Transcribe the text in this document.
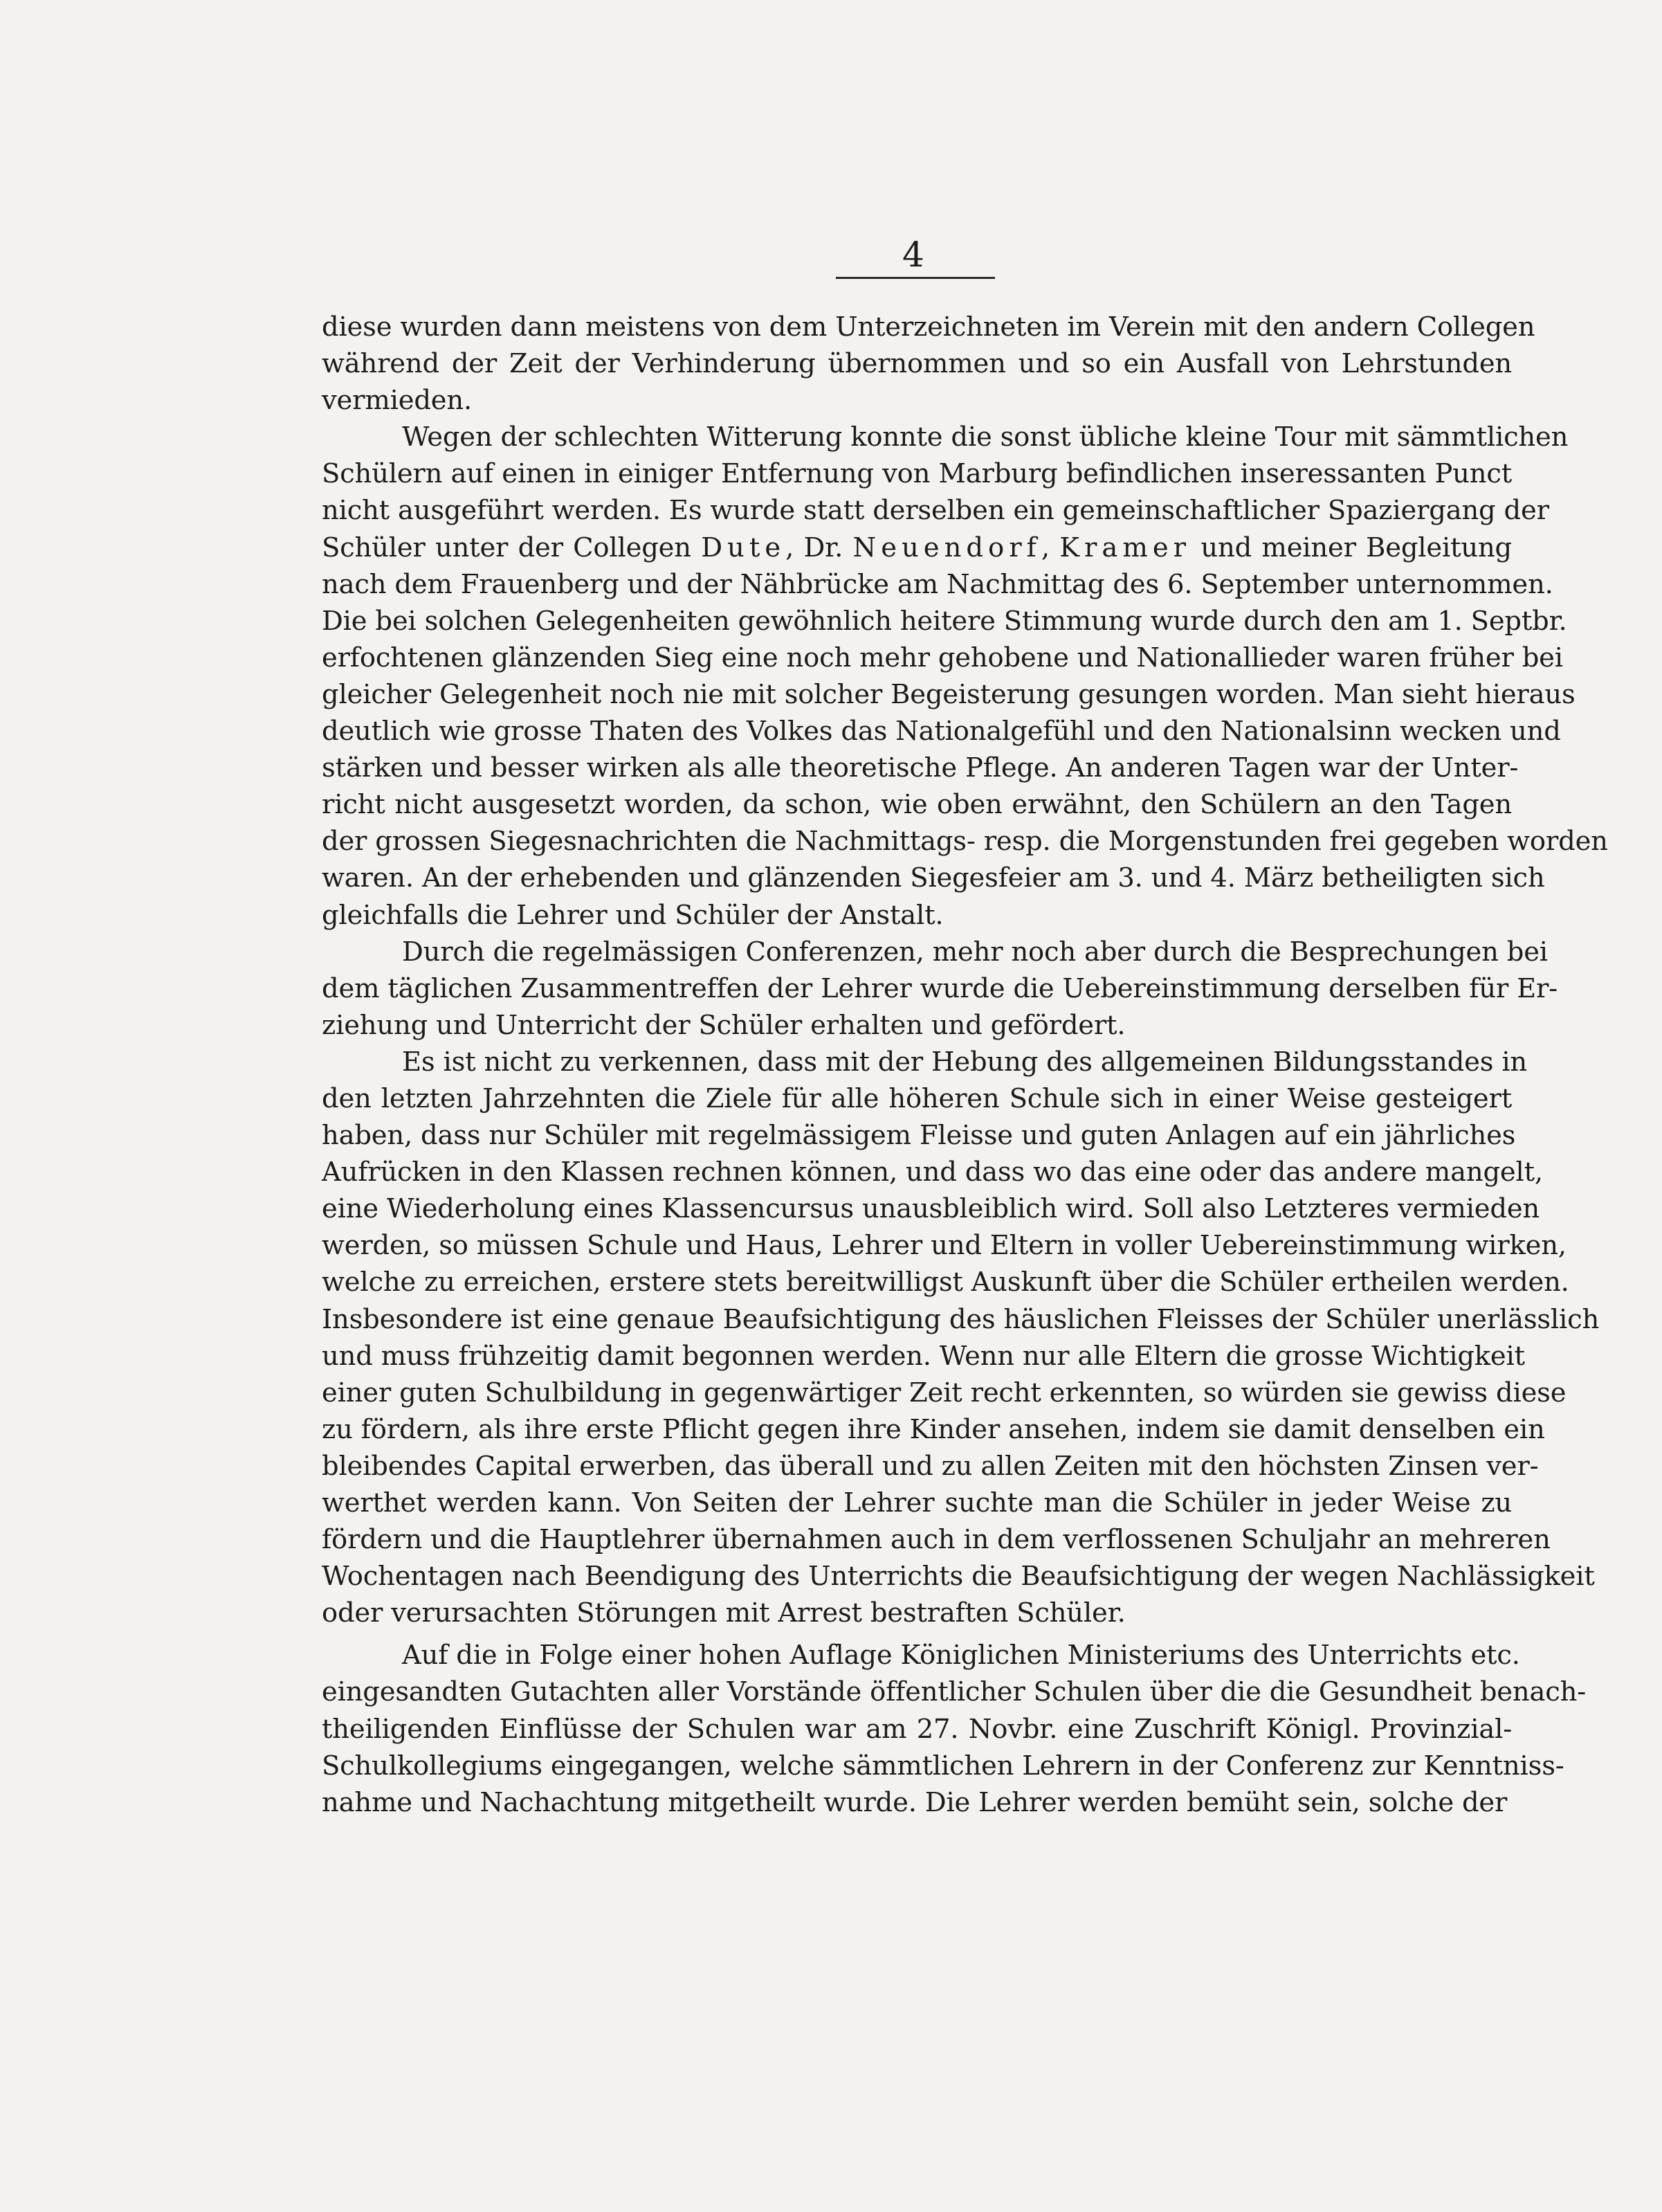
4
diese wurden dann meistens von dem Unterzeichneten im Verein mit den andern Collegen
während der Zeit der Verhinderung übernommen und so ein Ausfall von Lehrstunden
vermieden.
Wegen der schlechten Witterung konnte die sonst übliche kleine Tour mit sämmtlichen
Schülern auf einen in einiger Entfernung von Marburg befindlichen inseressanten Punct
nicht ausgeführt werden. Es wurde statt derselben ein gemeinschaftlicher Spaziergang der
Schüler unter der Collegen Dute, Dr. Neuendorf, Kramer und meiner Begleitung
nach dem Frauenberg und der Nähbrücke am Nachmittag des 6. September unternommen.
Die bei solchen Gelegenheiten gewöhnlich heitere Stimmung wurde durch den am 1. Septbr.
erfochtenen glänzenden Sieg eine noch mehr gehobene und Nationallieder waren früher bei
gleicher Gelegenheit noch nie mit solcher Begeisterung gesungen worden. Man sieht hieraus
deutlich wie grosse Thaten des Volkes das Nationalgefühl und den Nationalsinn wecken und
stärken und besser wirken als alle theoretische Pflege. An anderen Tagen war der Unter-
richt nicht ausgesetzt worden, da schon, wie oben erwähnt, den Schülern an den Tagen
der grossen Siegesnachrichten die Nachmittags- resp. die Morgenstunden frei gegeben worden
waren. An der erhebenden und glänzenden Siegesfeier am 3. und 4. März betheiligten sich
gleichfalls die Lehrer und Schüler der Anstalt.
Durch die regelmässigen Conferenzen, mehr noch aber durch die Besprechungen bei
dem täglichen Zusammentreffen der Lehrer wurde die Uebereinstimmung derselben für Er-
ziehung und Unterricht der Schüler erhalten und gefördert.
Es ist nicht zu verkennen, dass mit der Hebung des allgemeinen Bildungsstandes in
den letzten Jahrzehnten die Ziele für alle höheren Schule sich in einer Weise gesteigert
haben, dass nur Schüler mit regelmässigem Fleisse und guten Anlagen auf ein jährliches
Aufrücken in den Klassen rechnen können, und dass wo das eine oder das andere mangelt,
eine Wiederholung eines Klassencursus unausbleiblich wird. Soll also Letzteres vermieden
werden, so müssen Schule und Haus, Lehrer und Eltern in voller Uebereinstimmung wirken,
welche zu erreichen, erstere stets bereitwilligst Auskunft über die Schüler ertheilen werden.
Insbesondere ist eine genaue Beaufsichtigung des häuslichen Fleisses der Schüler unerlässlich
und muss frühzeitig damit begonnen werden. Wenn nur alle Eltern die grosse Wichtigkeit
einer guten Schulbildung in gegenwärtiger Zeit recht erkennten, so würden sie gewiss diese
zu fördern, als ihre erste Pflicht gegen ihre Kinder ansehen, indem sie damit denselben ein
bleibendes Capital erwerben, das überall und zu allen Zeiten mit den höchsten Zinsen ver-
werthet werden kann. Von Seiten der Lehrer suchte man die Schüler in jeder Weise zu
fördern und die Hauptlehrer übernahmen auch in dem verflossenen Schuljahr an mehreren
Wochentagen nach Beendigung des Unterrichts die Beaufsichtigung der wegen Nachlässigkeit
oder verursachten Störungen mit Arrest bestraften Schüler.
Auf die in Folge einer hohen Auflage Königlichen Ministeriums des Unterrichts etc.
eingesandten Gutachten aller Vorstände öffentlicher Schulen über die die Gesundheit benach-
theiligenden Einflüsse der Schulen war am 27. Novbr. eine Zuschrift Königl. Provinzial-
Schulkollegiums eingegangen, welche sämmtlichen Lehrern in der Conferenz zur Kenntniss-
nahme und Nachachtung mitgetheilt wurde. Die Lehrer werden bemüht sein, solche der
